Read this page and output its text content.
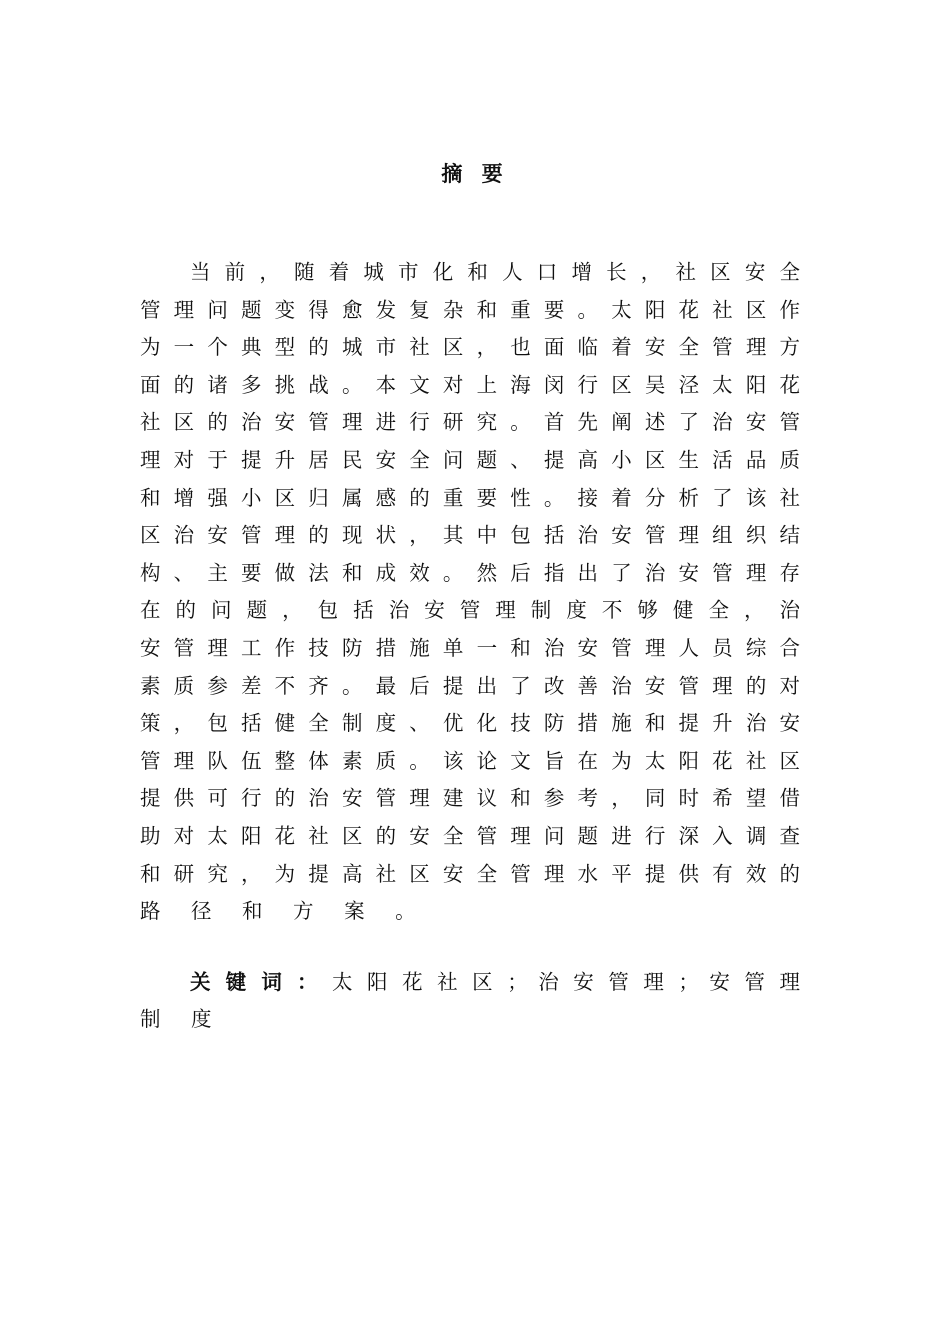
摘 要
当 前 ， 随 着 城 市 化 和 人 口 增 长 ， 社 区 安 全
管 理 问 题 变 得 愈 发 复 杂 和 重 要 。 太 阳 花 社 区 作
为 一 个 典 型 的 城 市 社 区 ， 也 面 临 着 安 全 管 理 方
面 的 诸 多 挑 战 。 本 文 对 上 海 闵 行 区 吴 泾 太 阳 花
社 区 的 治 安 管 理 进 行 研 究 。 首 先 阐 述 了 治 安 管
理 对 于 提 升 居 民 安 全 问 题 、 提 高 小 区 生 活 品 质
和 增 强 小 区 归 属 感 的 重 要 性 。 接 着 分 析 了 该 社
区 治 安 管 理 的 现 状 ， 其 中 包 括 治 安 管 理 组 织 结
构 、 主 要 做 法 和 成 效 。 然 后 指 出 了 治 安 管 理 存
在 的 问 题 ， 包 括 治 安 管 理 制 度 不 够 健 全 ， 治
安 管 理 工 作 技 防 措 施 单 一 和 治 安 管 理 人 员 综 合
素 质 参 差 不 齐 。 最 后 提 出 了 改 善 治 安 管 理 的 对
策 ， 包 括 健 全 制 度 、 优 化 技 防 措 施 和 提 升 治 安
管 理 队 伍 整 体 素 质 。 该 论 文 旨 在 为 太 阳 花 社 区
提 供 可 行 的 治 安 管 理 建 议 和 参 考 ， 同 时 希 望 借
助 对 太 阳 花 社 区 的 安 全 管 理 问 题 进 行 深 入 调 查
和 研 究 ， 为 提 高 社 区 安 全 管 理 水 平 提 供 有 效 的
路 径 和 方 案 。
关 键 词 ： 太 阳 花 社 区 ； 治 安 管 理 ； 安 管 理
制 度
